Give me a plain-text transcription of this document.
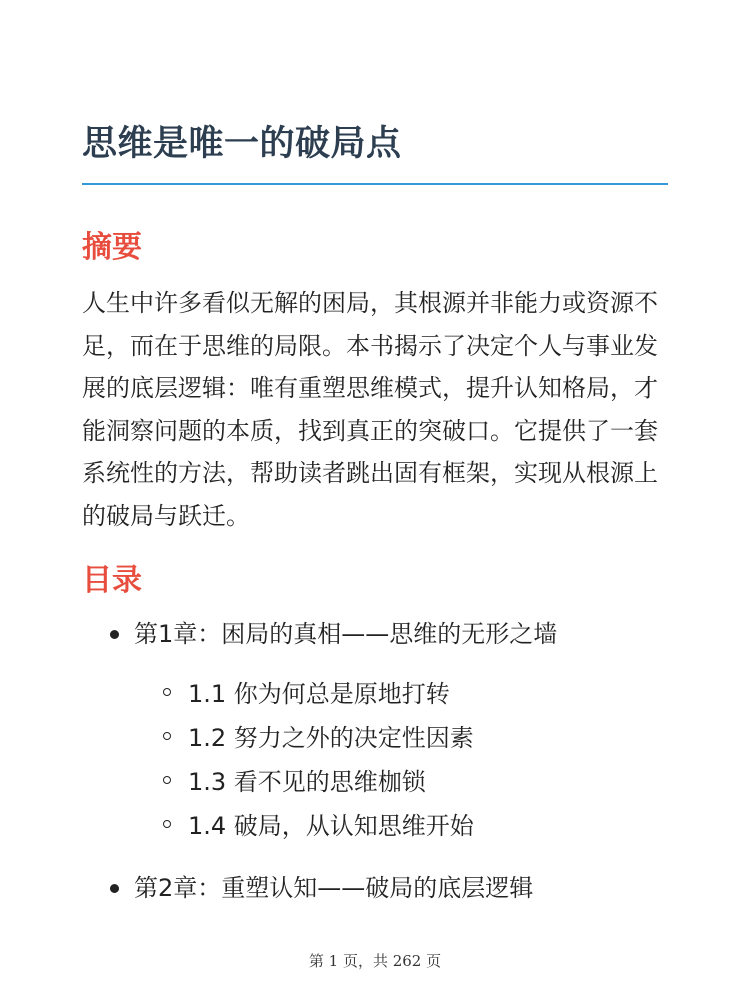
思维是唯一的破局点
摘要

人生中许多看似无解的困局，其根源并非能力或资源不足，而在于思维的局限。本书揭示了决定个人与事业发展的底层逻辑：唯有重塑思维模式，提升认知格局，才能洞察问题的本质，找到真正的突破口。它提供了一套系统性的方法，帮助读者跳出固有框架，实现从根源上的破局与跃迁。

目录
第1章：困局的真相——思维的无形之墙
1.1 你为何总是原地打转
1.2 努力之外的决定性因素
1.3 看不见的思维枷锁
1.4 破局，从认知思维开始
第2章：重塑认知——破局的底层逻辑
第 1 页，共 262 页
